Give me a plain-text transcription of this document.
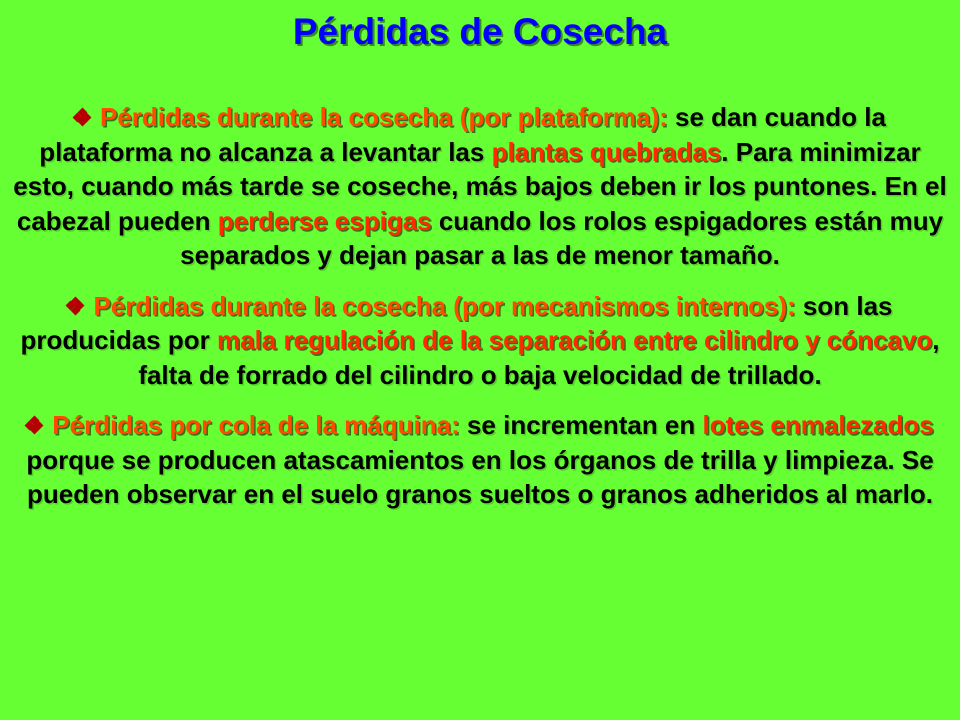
Pérdidas de Cosecha

Pérdidas durante la cosecha (por plataforma): se dan cuando la plataforma no alcanza a levantar las plantas quebradas. Para minimizar esto, cuando más tarde se coseche, más bajos deben ir los puntones. En el cabezal pueden perderse espigas cuando los rolos espigadores están muy separados y dejan pasar a las de menor tamaño.

Pérdidas durante la cosecha (por mecanismos internos): son las producidas por mala regulación de la separación entre cilindro y cóncavo, falta de forrado del cilindro o baja velocidad de trillado.

Pérdidas por cola de la máquina: se incrementan en lotes enmalezados porque se producen atascamientos en los órganos de trilla y limpieza. Se pueden observar en el suelo granos sueltos o granos adheridos al marlo.
